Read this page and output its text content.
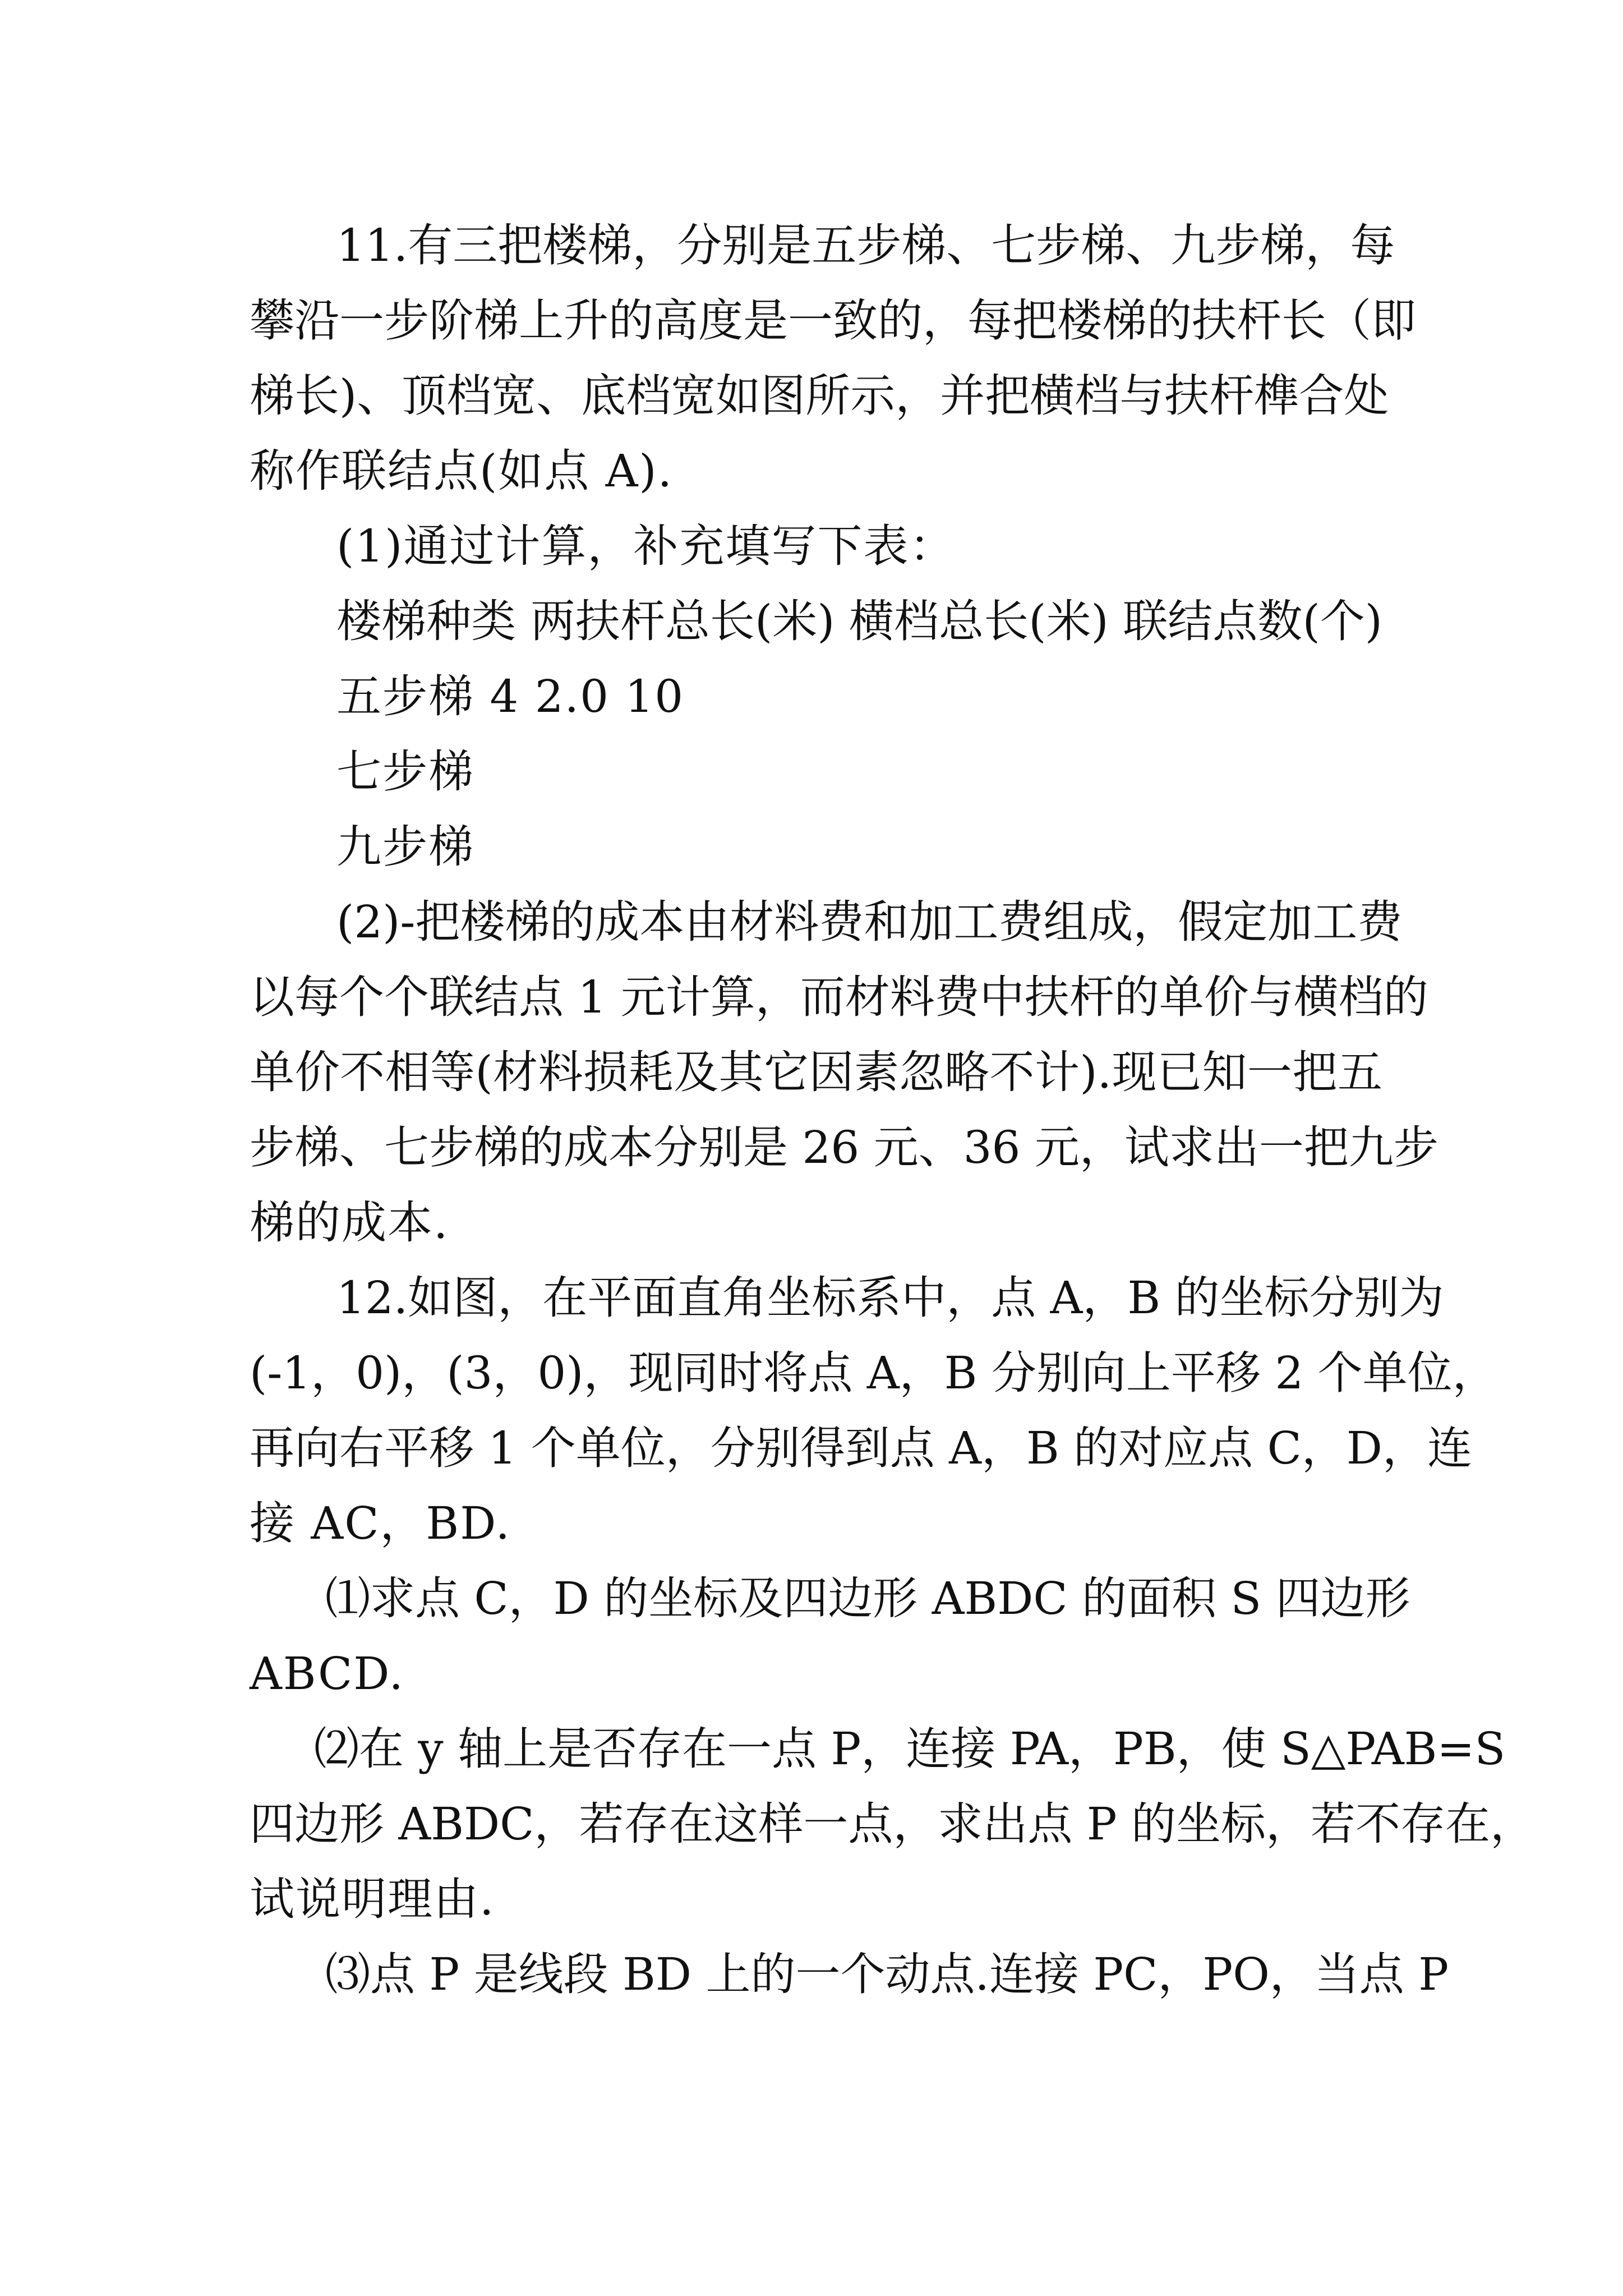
11.有三把楼梯，分别是五步梯、七步梯、九步梯，每
攀沿一步阶梯上升的高度是一致的，每把楼梯的扶杆长（即
梯长)、顶档宽、底档宽如图所示，并把横档与扶杆榫合处
称作联结点(如点 A).
(1)通过计算，补充填写下表：
楼梯种类 两扶杆总长(米) 横档总长(米) 联结点数(个)
五步梯 4 2.0 10
七步梯
九步梯
(2)-把楼梯的成本由材料费和加工费组成，假定加工费
以每个个联结点 1 元计算，而材料费中扶杆的单价与横档的
单价不相等(材料损耗及其它因素忽略不计).现已知一把五
步梯、七步梯的成本分别是 26 元、36 元，试求出一把九步
梯的成本.
12.如图，在平面直角坐标系中，点 A，B 的坐标分别为
(-1，0)，(3，0)，现同时将点 A，B 分别向上平移 2 个单位，
再向右平移 1 个单位，分别得到点 A，B 的对应点 C，D，连
接 AC，BD.
⑴求点 C，D 的坐标及四边形 ABDC 的面积 S 四边形
ABCD.
⑵在 y 轴上是否存在一点 P，连接 PA，PB，使 S△PAB=S
四边形 ABDC，若存在这样一点，求出点 P 的坐标，若不存在，
试说明理由.
⑶点 P 是线段 BD 上的一个动点.连接 PC，PO，当点 P
